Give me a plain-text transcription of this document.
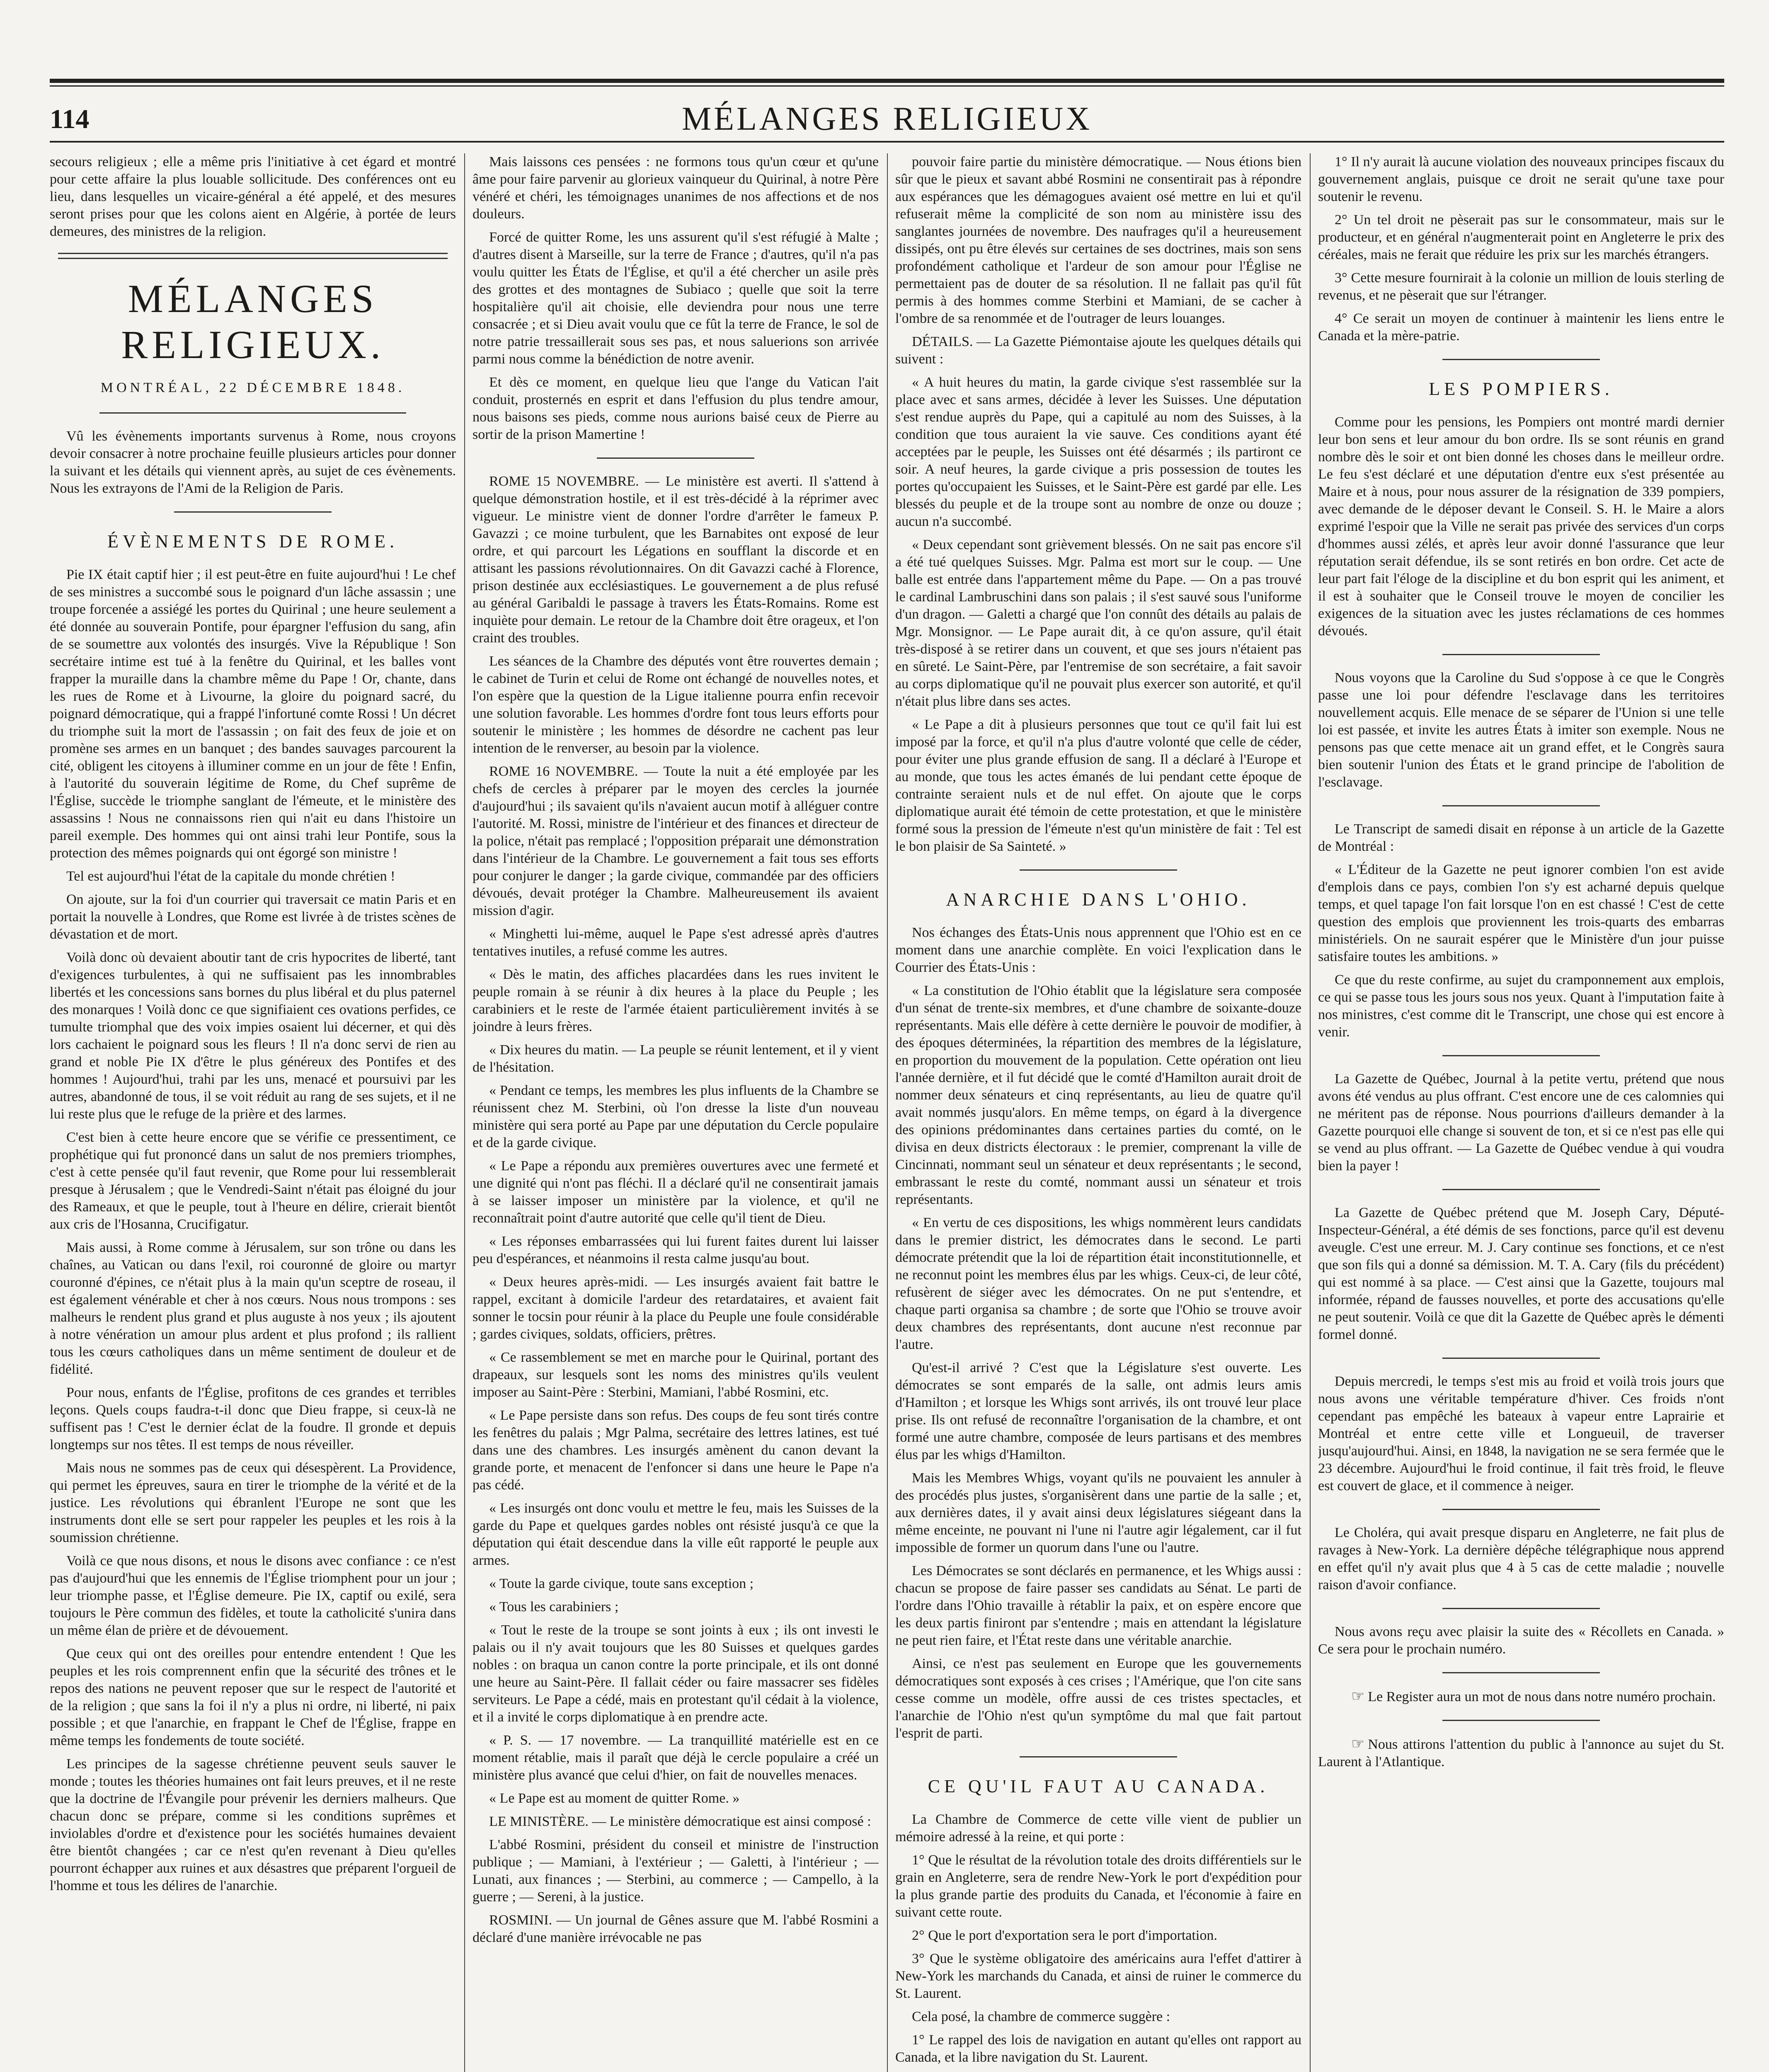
114	MÉLANGES RELIGIEUX

secours religieux ; elle a même pris l'initiative à cet égard et montré pour cette affaire la plus louable sollicitude. Des conférences ont eu lieu, dans lesquelles un vicaire-général a été appelé, et des mesures seront prises pour que les colons aient en Algérie, à portée de leurs demeures, des ministres de la religion.

MÉLANGES RELIGIEUX.
MONTRÉAL, 22 DÉCEMBRE 1848.

Vû les évènements importants survenus à Rome, nous croyons devoir consacrer à notre prochaine feuille plusieurs articles pour donner la suivant et les détails qui viennent après, au sujet de ces évènements. Nous les extrayons de l'Ami de la Religion de Paris.

ÉVÈNEMENTS DE ROME.

Pie IX était captif hier ; il est peut-être en fuite aujourd'hui ! Le chef de ses ministres a succombé sous le poignard d'un lâche assassin ; une troupe forcenée a assiégé les portes du Quirinal ; une heure seulement a été donnée au souverain Pontife, pour épargner l'effusion du sang, afin de se soumettre aux volontés des insurgés. Vive la République ! Son secrétaire intime est tué à la fenêtre du Quirinal, et les balles vont frapper la muraille dans la chambre même du Pape ! Or, chante, dans les rues de Rome et à Livourne, la gloire du poignard sacré, du poignard démocratique, qui a frappé l'infortuné comte Rossi ! Un décret du triomphe suit la mort de l'assassin ; on fait des feux de joie et on promène ses armes en un banquet ; des bandes sauvages parcourent la cité, obligent les citoyens à illuminer comme en un jour de fête ! Enfin, à l'autorité du souverain légitime de Rome, du Chef suprême de l'Église, succède le triomphe sanglant de l'émeute, et le ministère des assassins ! Nous ne connaissons rien qui n'ait eu dans l'histoire un pareil exemple. Des hommes qui ont ainsi trahi leur Pontife, sous la protection des mêmes poignards qui ont égorgé son ministre !

Tel est aujourd'hui l'état de la capitale du monde chrétien !

On ajoute, sur la foi d'un courrier qui traversait ce matin Paris et en portait la nouvelle à Londres, que Rome est livrée à de tristes scènes de dévastation et de mort.

Voilà donc où devaient aboutir tant de cris hypocrites de liberté, tant d'exigences turbulentes, à qui ne suffisaient pas les innombrables libertés et les concessions sans bornes du plus libéral et du plus paternel des monarques ! Voilà donc ce que signifiaient ces ovations perfides, ce tumulte triomphal que des voix impies osaient lui décerner, et qui dès lors cachaient le poignard sous les fleurs ! Il n'a donc servi de rien au grand et noble Pie IX d'être le plus généreux des Pontifes et des hommes ! Aujourd'hui, trahi par les uns, menacé et poursuivi par les autres, abandonné de tous, il se voit réduit au rang de ses sujets, et il ne lui reste plus que le refuge de la prière et des larmes.

C'est bien à cette heure encore que se vérifie ce pressentiment, ce prophétique qui fut prononcé dans un salut de nos premiers triomphes, c'est à cette pensée qu'il faut revenir, que Rome pour lui ressemblerait presque à Jérusalem ; que le Vendredi-Saint n'était pas éloigné du jour des Rameaux, et que le peuple, tout à l'heure en délire, crierait bientôt aux cris de l'Hosanna, Crucifigatur.

Mais aussi, à Rome comme à Jérusalem, sur son trône ou dans les chaînes, au Vatican ou dans l'exil, roi couronné de gloire ou martyr couronné d'épines, ce n'était plus à la main qu'un sceptre de roseau, il est également vénérable et cher à nos cœurs. Nous nous trompons : ses malheurs le rendent plus grand et plus auguste à nos yeux ; ils ajoutent à notre vénération un amour plus ardent et plus profond ; ils rallient tous les cœurs catholiques dans un même sentiment de douleur et de fidélité.

Pour nous, enfants de l'Église, profitons de ces grandes et terribles leçons. Quels coups faudra-t-il donc que Dieu frappe, si ceux-là ne suffisent pas ! C'est le dernier éclat de la foudre. Il gronde et depuis longtemps sur nos têtes. Il est temps de nous réveiller.

Mais nous ne sommes pas de ceux qui désespèrent. La Providence, qui permet les épreuves, saura en tirer le triomphe de la vérité et de la justice. Les révolutions qui ébranlent l'Europe ne sont que les instruments dont elle se sert pour rappeler les peuples et les rois à la soumission chrétienne.

Voilà ce que nous disons, et nous le disons avec confiance : ce n'est pas d'aujourd'hui que les ennemis de l'Église triomphent pour un jour ; leur triomphe passe, et l'Église demeure. Pie IX, captif ou exilé, sera toujours le Père commun des fidèles, et toute la catholicité s'unira dans un même élan de prière et de dévouement.

Que ceux qui ont des oreilles pour entendre entendent ! Que les peuples et les rois comprennent enfin que la sécurité des trônes et le repos des nations ne peuvent reposer que sur le respect de l'autorité et de la religion ; que sans la foi il n'y a plus ni ordre, ni liberté, ni paix possible ; et que l'anarchie, en frappant le Chef de l'Église, frappe en même temps les fondements de toute société.

Les principes de la sagesse chrétienne peuvent seuls sauver le monde ; toutes les théories humaines ont fait leurs preuves, et il ne reste que la doctrine de l'Évangile pour prévenir les derniers malheurs. Que chacun donc se prépare, comme si les conditions suprêmes et inviolables d'ordre et d'existence pour les sociétés humaines devaient être bientôt changées ; car ce n'est qu'en revenant à Dieu qu'elles pourront échapper aux ruines et aux désastres que préparent l'orgueil de l'homme et tous les délires de l'anarchie.

Mais laissons ces pensées : ne formons tous qu'un cœur et qu'une âme pour faire parvenir au glorieux vainqueur du Quirinal, à notre Père vénéré et chéri, les témoignages unanimes de nos affections et de nos douleurs.

Forcé de quitter Rome, les uns assurent qu'il s'est réfugié à Malte ; d'autres disent à Marseille, sur la terre de France ; d'autres, qu'il n'a pas voulu quitter les États de l'Église, et qu'il a été chercher un asile près des grottes et des montagnes de Subiaco ; quelle que soit la terre hospitalière qu'il ait choisie, elle deviendra pour nous une terre consacrée ; et si Dieu avait voulu que ce fût la terre de France, le sol de notre patrie tressaillerait sous ses pas, et nous saluerions son arrivée parmi nous comme la bénédiction de notre avenir.

Et dès ce moment, en quelque lieu que l'ange du Vatican l'ait conduit, prosternés en esprit et dans l'effusion du plus tendre amour, nous baisons ses pieds, comme nous aurions baisé ceux de Pierre au sortir de la prison Mamertine !

ROME 15 NOVEMBRE. — Le ministère est averti. Il s'attend à quelque démonstration hostile, et il est très-décidé à la réprimer avec vigueur. Le ministre vient de donner l'ordre d'arrêter le fameux P. Gavazzi ; ce moine turbulent, que les Barnabites ont exposé de leur ordre, et qui parcourt les Légations en soufflant la discorde et en attisant les passions révolutionnaires. On dit Gavazzi caché à Florence, prison destinée aux ecclésiastiques. Le gouvernement a de plus refusé au général Garibaldi le passage à travers les États-Romains. Rome est inquiète pour demain. Le retour de la Chambre doit être orageux, et l'on craint des troubles.

Les séances de la Chambre des députés vont être rouvertes demain ; le cabinet de Turin et celui de Rome ont échangé de nouvelles notes, et l'on espère que la question de la Ligue italienne pourra enfin recevoir une solution favorable. Les hommes d'ordre font tous leurs efforts pour soutenir le ministère ; les hommes de désordre ne cachent pas leur intention de le renverser, au besoin par la violence.

ROME 16 NOVEMBRE. — Toute la nuit a été employée par les chefs de cercles à préparer par le moyen des cercles la journée d'aujourd'hui ; ils savaient qu'ils n'avaient aucun motif à alléguer contre l'autorité. M. Rossi, ministre de l'intérieur et des finances et directeur de la police, n'était pas remplacé ; l'opposition préparait une démonstration dans l'intérieur de la Chambre. Le gouvernement a fait tous ses efforts pour conjurer le danger ; la garde civique, commandée par des officiers dévoués, devait protéger la Chambre. Malheureusement ils avaient mission d'agir.

« Minghetti lui-même, auquel le Pape s'est adressé après d'autres tentatives inutiles, a refusé comme les autres.

« Dès le matin, des affiches placardées dans les rues invitent le peuple romain à se réunir à dix heures à la place du Peuple ; les carabiniers et le reste de l'armée étaient particulièrement invités à se joindre à leurs frères.

« Dix heures du matin. — La peuple se réunit lentement, et il y vient de l'hésitation.

« Pendant ce temps, les membres les plus influents de la Chambre se réunissent chez M. Sterbini, où l'on dresse la liste d'un nouveau ministère qui sera porté au Pape par une députation du Cercle populaire et de la garde civique.

« Le Pape a répondu aux premières ouvertures avec une fermeté et une dignité qui n'ont pas fléchi. Il a déclaré qu'il ne consentirait jamais à se laisser imposer un ministère par la violence, et qu'il ne reconnaîtrait point d'autre autorité que celle qu'il tient de Dieu.

« Les réponses embarrassées qui lui furent faites durent lui laisser peu d'espérances, et néanmoins il resta calme jusqu'au bout.

« Deux heures après-midi. — Les insurgés avaient fait battre le rappel, excitant à domicile l'ardeur des retardataires, et avaient fait sonner le tocsin pour réunir à la place du Peuple une foule considérable ; gardes civiques, soldats, officiers, prêtres.

« Ce rassemblement se met en marche pour le Quirinal, portant des drapeaux, sur lesquels sont les noms des ministres qu'ils veulent imposer au Saint-Père : Sterbini, Mamiani, l'abbé Rosmini, etc.

« Le Pape persiste dans son refus. Des coups de feu sont tirés contre les fenêtres du palais ; Mgr Palma, secrétaire des lettres latines, est tué dans une des chambres. Les insurgés amènent du canon devant la grande porte, et menacent de l'enfoncer si dans une heure le Pape n'a pas cédé.

« Les insurgés ont donc voulu et mettre le feu, mais les Suisses de la garde du Pape et quelques gardes nobles ont résisté jusqu'à ce que la députation qui était descendue dans la ville eût rapporté le peuple aux armes.

« Toute la garde civique, toute sans exception ;

« Tous les carabiniers ;

« Tout le reste de la troupe se sont joints à eux ; ils ont investi le palais ou il n'y avait toujours que les 80 Suisses et quelques gardes nobles : on braqua un canon contre la porte principale, et ils ont donné une heure au Saint-Père. Il fallait céder ou faire massacrer ses fidèles serviteurs. Le Pape a cédé, mais en protestant qu'il cédait à la violence, et il a invité le corps diplomatique à en prendre acte.

« P. S. — 17 novembre. — La tranquillité matérielle est en ce moment rétablie, mais il paraît que déjà le cercle populaire a créé un ministère plus avancé que celui d'hier, on fait de nouvelles menaces.

« Le Pape est au moment de quitter Rome. »

LE MINISTÈRE. — Le ministère démocratique est ainsi composé :

L'abbé Rosmini, président du conseil et ministre de l'instruction publique ; — Mamiani, à l'extérieur ; — Galetti, à l'intérieur ; — Lunati, aux finances ; — Sterbini, au commerce ; — Campello, à la guerre ; — Sereni, à la justice.

ROSMINI. — Un journal de Gênes assure que M. l'abbé Rosmini a déclaré d'une manière irrévocable ne pas

pouvoir faire partie du ministère démocratique. — Nous étions bien sûr que le pieux et savant abbé Rosmini ne consentirait pas à répondre aux espérances que les démagogues avaient osé mettre en lui et qu'il refuserait même la complicité de son nom au ministère issu des sanglantes journées de novembre. Des naufrages qu'il a heureusement dissipés, ont pu être élevés sur certaines de ses doctrines, mais son sens profondément catholique et l'ardeur de son amour pour l'Église ne permettaient pas de douter de sa résolution. Il ne fallait pas qu'il fût permis à des hommes comme Sterbini et Mamiani, de se cacher à l'ombre de sa renommée et de l'outrager de leurs louanges.

DÉTAILS. — La Gazette Piémontaise ajoute les quelques détails qui suivent :

« A huit heures du matin, la garde civique s'est rassemblée sur la place avec et sans armes, décidée à lever les Suisses. Une députation s'est rendue auprès du Pape, qui a capitulé au nom des Suisses, à la condition que tous auraient la vie sauve. Ces conditions ayant été acceptées par le peuple, les Suisses ont été désarmés ; ils partiront ce soir. A neuf heures, la garde civique a pris possession de toutes les portes qu'occupaient les Suisses, et le Saint-Père est gardé par elle. Les blessés du peuple et de la troupe sont au nombre de onze ou douze ; aucun n'a succombé.

« Deux cependant sont grièvement blessés. On ne sait pas encore s'il a été tué quelques Suisses. Mgr. Palma est mort sur le coup. — Une balle est entrée dans l'appartement même du Pape. — On a pas trouvé le cardinal Lambruschini dans son palais ; il s'est sauvé sous l'uniforme d'un dragon. — Galetti a chargé que l'on connût des détails au palais de Mgr. Monsignor. — Le Pape aurait dit, à ce qu'on assure, qu'il était très-disposé à se retirer dans un couvent, et que ses jours n'étaient pas en sûreté. Le Saint-Père, par l'entremise de son secrétaire, a fait savoir au corps diplomatique qu'il ne pouvait plus exercer son autorité, et qu'il n'était plus libre dans ses actes.

« Le Pape a dit à plusieurs personnes que tout ce qu'il fait lui est imposé par la force, et qu'il n'a plus d'autre volonté que celle de céder, pour éviter une plus grande effusion de sang. Il a déclaré à l'Europe et au monde, que tous les actes émanés de lui pendant cette époque de contrainte seraient nuls et de nul effet. On ajoute que le corps diplomatique aurait été témoin de cette protestation, et que le ministère formé sous la pression de l'émeute n'est qu'un ministère de fait : Tel est le bon plaisir de Sa Sainteté. »

ANARCHIE DANS L'OHIO.

Nos échanges des États-Unis nous apprennent que l'Ohio est en ce moment dans une anarchie complète. En voici l'explication dans le Courrier des États-Unis :

« La constitution de l'Ohio établit que la législature sera composée d'un sénat de trente-six membres, et d'une chambre de soixante-douze représentants. Mais elle défère à cette dernière le pouvoir de modifier, à des époques déterminées, la répartition des membres de la législature, en proportion du mouvement de la population. Cette opération ont lieu l'année dernière, et il fut décidé que le comté d'Hamilton aurait droit de nommer deux sénateurs et cinq représentants, au lieu de quatre qu'il avait nommés jusqu'alors. En même temps, on égard à la divergence des opinions prédominantes dans certaines parties du comté, on le divisa en deux districts électoraux : le premier, comprenant la ville de Cincinnati, nommant seul un sénateur et deux représentants ; le second, embrassant le reste du comté, nommant aussi un sénateur et trois représentants.

« En vertu de ces dispositions, les whigs nommèrent leurs candidats dans le premier district, les démocrates dans le second. Le parti démocrate prétendit que la loi de répartition était inconstitutionnelle, et ne reconnut point les membres élus par les whigs. Ceux-ci, de leur côté, refusèrent de siéger avec les démocrates. On ne put s'entendre, et chaque parti organisa sa chambre ; de sorte que l'Ohio se trouve avoir deux chambres des représentants, dont aucune n'est reconnue par l'autre.

Qu'est-il arrivé ? C'est que la Législature s'est ouverte. Les démocrates se sont emparés de la salle, ont admis leurs amis d'Hamilton ; et lorsque les Whigs sont arrivés, ils ont trouvé leur place prise. Ils ont refusé de reconnaître l'organisation de la chambre, et ont formé une autre chambre, composée de leurs partisans et des membres élus par les whigs d'Hamilton.

Mais les Membres Whigs, voyant qu'ils ne pouvaient les annuler à des procédés plus justes, s'organisèrent dans une partie de la salle ; et, aux dernières dates, il y avait ainsi deux législatures siégeant dans la même enceinte, ne pouvant ni l'une ni l'autre agir légalement, car il fut impossible de former un quorum dans l'une ou l'autre.

Les Démocrates se sont déclarés en permanence, et les Whigs aussi : chacun se propose de faire passer ses candidats au Sénat. Le parti de l'ordre dans l'Ohio travaille à rétablir la paix, et on espère encore que les deux partis finiront par s'entendre ; mais en attendant la législature ne peut rien faire, et l'État reste dans une véritable anarchie.

Ainsi, ce n'est pas seulement en Europe que les gouvernements démocratiques sont exposés à ces crises ; l'Amérique, que l'on cite sans cesse comme un modèle, offre aussi de ces tristes spectacles, et l'anarchie de l'Ohio n'est qu'un symptôme du mal que fait partout l'esprit de parti.

CE QU'IL FAUT AU CANADA.

La Chambre de Commerce de cette ville vient de publier un mémoire adressé à la reine, et qui porte :

1° Que le résultat de la révolution totale des droits différentiels sur le grain en Angleterre, sera de rendre New-York le port d'expédition pour la plus grande partie des produits du Canada, et l'économie à faire en suivant cette route.

2° Que le port d'exportation sera le port d'importation.

3° Que le système obligatoire des américains aura l'effet d'attirer à New-York les marchands du Canada, et ainsi de ruiner le commerce du St. Laurent.

Cela posé, la chambre de commerce suggère :

1° Le rappel des lois de navigation en autant qu'elles ont rapport au Canada, et la libre navigation du St. Laurent.

1° Il n'y aurait là aucune violation des nouveaux principes fiscaux du gouvernement anglais, puisque ce droit ne serait qu'une taxe pour soutenir le revenu.

2° Un tel droit ne pèserait pas sur le consommateur, mais sur le producteur, et en général n'augmenterait point en Angleterre le prix des céréales, mais ne ferait que réduire les prix sur les marchés étrangers.

3° Cette mesure fournirait à la colonie un million de louis sterling de revenus, et ne pèserait que sur l'étranger.

4° Ce serait un moyen de continuer à maintenir les liens entre le Canada et la mère-patrie.

LES POMPIERS.

Comme pour les pensions, les Pompiers ont montré mardi dernier leur bon sens et leur amour du bon ordre. Ils se sont réunis en grand nombre dès le soir et ont bien donné les choses dans le meilleur ordre. Le feu s'est déclaré et une députation d'entre eux s'est présentée au Maire et à nous, pour nous assurer de la résignation de 339 pompiers, avec demande de le déposer devant le Conseil. S. H. le Maire a alors exprimé l'espoir que la Ville ne serait pas privée des services d'un corps d'hommes aussi zélés, et après leur avoir donné l'assurance que leur réputation serait défendue, ils se sont retirés en bon ordre. Cet acte de leur part fait l'éloge de la discipline et du bon esprit qui les animent, et il est à souhaiter que le Conseil trouve le moyen de concilier les exigences de la situation avec les justes réclamations de ces hommes dévoués.

Nous voyons que la Caroline du Sud s'oppose à ce que le Congrès passe une loi pour défendre l'esclavage dans les territoires nouvellement acquis. Elle menace de se séparer de l'Union si une telle loi est passée, et invite les autres États à imiter son exemple. Nous ne pensons pas que cette menace ait un grand effet, et le Congrès saura bien soutenir l'union des États et le grand principe de l'abolition de l'esclavage.

Le Transcript de samedi disait en réponse à un article de la Gazette de Montréal :

« L'Éditeur de la Gazette ne peut ignorer combien l'on est avide d'emplois dans ce pays, combien l'on s'y est acharné depuis quelque temps, et quel tapage l'on fait lorsque l'on en est chassé ! C'est de cette question des emplois que proviennent les trois-quarts des embarras ministériels. On ne saurait espérer que le Ministère d'un jour puisse satisfaire toutes les ambitions. »

Ce que du reste confirme, au sujet du cramponnement aux emplois, ce qui se passe tous les jours sous nos yeux. Quant à l'imputation faite à nos ministres, c'est comme dit le Transcript, une chose qui est encore à venir.

La Gazette de Québec, Journal à la petite vertu, prétend que nous avons été vendus au plus offrant. C'est encore une de ces calomnies qui ne méritent pas de réponse. Nous pourrions d'ailleurs demander à la Gazette pourquoi elle change si souvent de ton, et si ce n'est pas elle qui se vend au plus offrant. — La Gazette de Québec vendue à qui voudra bien la payer !

La Gazette de Québec prétend que M. Joseph Cary, Député-Inspecteur-Général, a été démis de ses fonctions, parce qu'il est devenu aveugle. C'est une erreur. M. J. Cary continue ses fonctions, et ce n'est que son fils qui a donné sa démission. M. T. A. Cary (fils du précédent) qui est nommé à sa place. — C'est ainsi que la Gazette, toujours mal informée, répand de fausses nouvelles, et porte des accusations qu'elle ne peut soutenir. Voilà ce que dit la Gazette de Québec après le démenti formel donné.

Depuis mercredi, le temps s'est mis au froid et voilà trois jours que nous avons une véritable température d'hiver. Ces froids n'ont cependant pas empêché les bateaux à vapeur entre Laprairie et Montréal et entre cette ville et Longueuil, de traverser jusqu'aujourd'hui. Ainsi, en 1848, la navigation ne se sera fermée que le 23 décembre. Aujourd'hui le froid continue, il fait très froid, le fleuve est couvert de glace, et il commence à neiger.

Le Choléra, qui avait presque disparu en Angleterre, ne fait plus de ravages à New-York. La dernière dépêche télégraphique nous apprend en effet qu'il n'y avait plus que 4 à 5 cas de cette maladie ; nouvelle raison d'avoir confiance.

Nous avons reçu avec plaisir la suite des « Récollets en Canada. » Ce sera pour le prochain numéro.

☞ Le Register aura un mot de nous dans notre numéro prochain.

☞ Nous attirons l'attention du public à l'annonce au sujet du St. Laurent à l'Atlantique.
